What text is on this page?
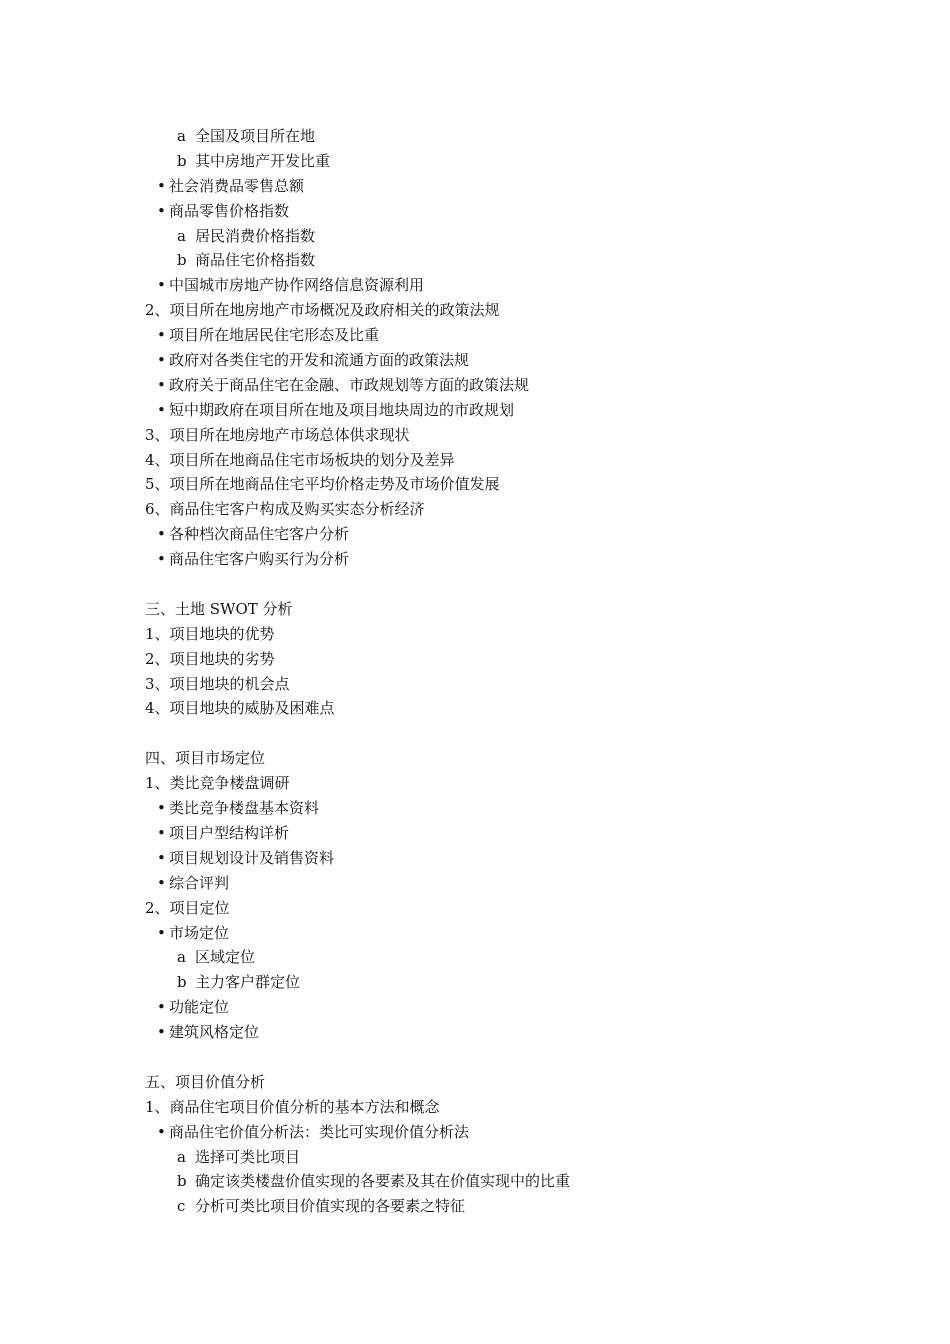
a 全国及项目所在地
b 其中房地产开发比重
• 社会消费品零售总额
• 商品零售价格指数
a 居民消费价格指数
b 商品住宅价格指数
• 中国城市房地产协作网络信息资源利用
2、项目所在地房地产市场概况及政府相关的政策法规
• 项目所在地居民住宅形态及比重
• 政府对各类住宅的开发和流通方面的政策法规
• 政府关于商品住宅在金融、市政规划等方面的政策法规
• 短中期政府在项目所在地及项目地块周边的市政规划
3、项目所在地房地产市场总体供求现状
4、项目所在地商品住宅市场板块的划分及差异
5、项目所在地商品住宅平均价格走势及市场价值发展
6、商品住宅客户构成及购买实态分析经济
• 各种档次商品住宅客户分析
• 商品住宅客户购买行为分析
三、土地 SWOT 分析
1、项目地块的优势
2、项目地块的劣势
3、项目地块的机会点
4、项目地块的威胁及困难点
四、项目市场定位
1、类比竞争楼盘调研
• 类比竞争楼盘基本资料
• 项目户型结构详析
• 项目规划设计及销售资料
• 综合评判
2、项目定位
• 市场定位
a 区域定位
b 主力客户群定位
• 功能定位
• 建筑风格定位
五、项目价值分析
1、商品住宅项目价值分析的基本方法和概念
• 商品住宅价值分析法：类比可实现价值分析法
a 选择可类比项目
b 确定该类楼盘价值实现的各要素及其在价值实现中的比重
c 分析可类比项目价值实现的各要素之特征
